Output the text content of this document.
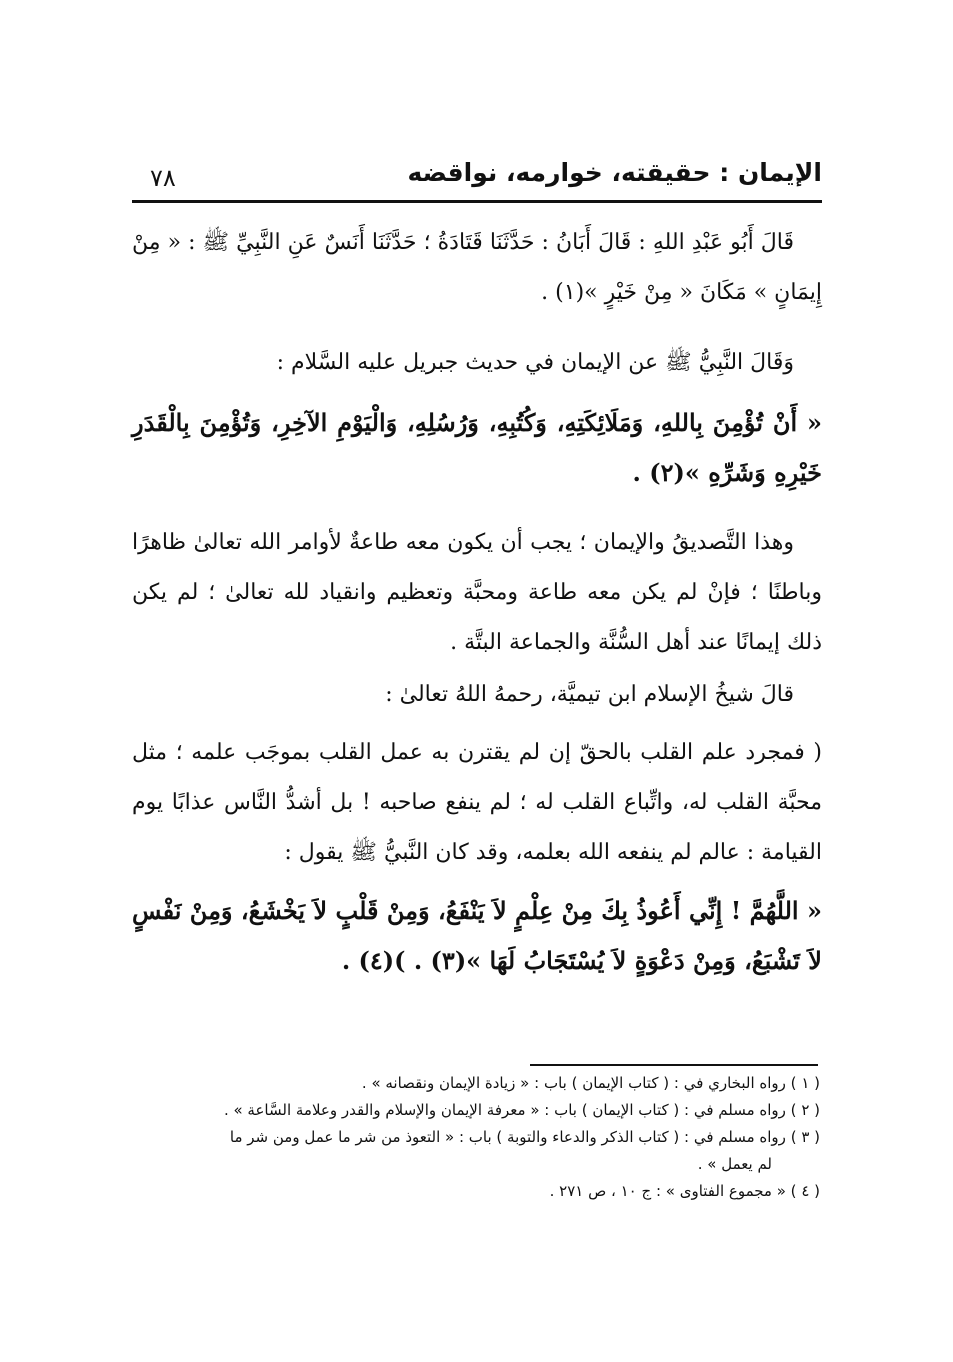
الإيمان : حقيقته، خوارمه، نواقضه
٧٨

قَالَ أَبُو عَبْدِ اللهِ : قَالَ أَبَانُ : حَدَّثَنَا قَتَادَةُ ؛ حَدَّثَنَا أَنَسٌ عَنِ النَّبِيِّ ﷺ : « مِنْ إِيمَانٍ » مَكَانَ « مِنْ خَيْرٍ »(١) .

وَقَالَ النَّبِيُّ ﷺ عن الإيمان في حديث جبريل عليه السَّلام :

« أَنْ تُؤْمِنَ بِاللهِ، وَمَلَائِكَتِهِ، وَكُتُبِهِ، وَرُسُلِهِ، وَالْيَوْمِ الآخِرِ، وَتُؤْمِنَ بِالْقَدَرِ خَيْرِهِ وَشَرِّهِ »(٢) .

وهذا التَّصديقُ والإيمان ؛ يجب أن يكون معه طاعةٌ لأوامر الله تعالىٰ ظاهرًا وباطنًا ؛ فإنْ لم يكن معه طاعة ومحبَّة وتعظيم وانقياد لله تعالىٰ ؛ لم يكن ذلك إيمانًا عند أهل السُّنَّة والجماعة البتَّة .

قالَ شيخُ الإسلام ابن تيميَّة، رحمهُ اللهُ تعالىٰ :

( فمجرد علم القلب بالحقّ إن لم يقترن به عمل القلب بموجَب علمه ؛ مثل محبَّة القلب له، واتِّباع القلب له ؛ لم ينفع صاحبه ! بل أشدُّ النَّاس عذابًا يوم القيامة : عالم لم ينفعه الله بعلمه، وقد كان النَّبيُّ ﷺ يقول :

« اللَّهُمَّ ! إِنِّي أَعُوذُ بِكَ مِنْ عِلْمٍ لاَ يَنْفَعُ، وَمِنْ قَلْبٍ لاَ يَخْشَعُ، وَمِنْ نَفْسٍ لاَ تَشْبَعُ، وَمِنْ دَعْوَةٍ لاَ يُسْتَجَابُ لَهَا »(٣) . )(٤) .

( ١ ) رواه البخاري في : ( كتاب الإيمان ) باب : « زيادة الإيمان ونقصانه » .

( ٢ ) رواه مسلم في : ( كتاب الإيمان ) باب : « معرفة الإيمان والإسلام والقدر وعلامة السَّاعة » .

( ٣ ) رواه مسلم في : ( كتاب الذكر والدعاء والتوبة ) باب : « التعوذ من شر ما عمل ومن شر ما

لم يعمل » .

( ٤ ) « مجموع الفتاوى » : ج ١٠ ، ص ٢٧١ .
